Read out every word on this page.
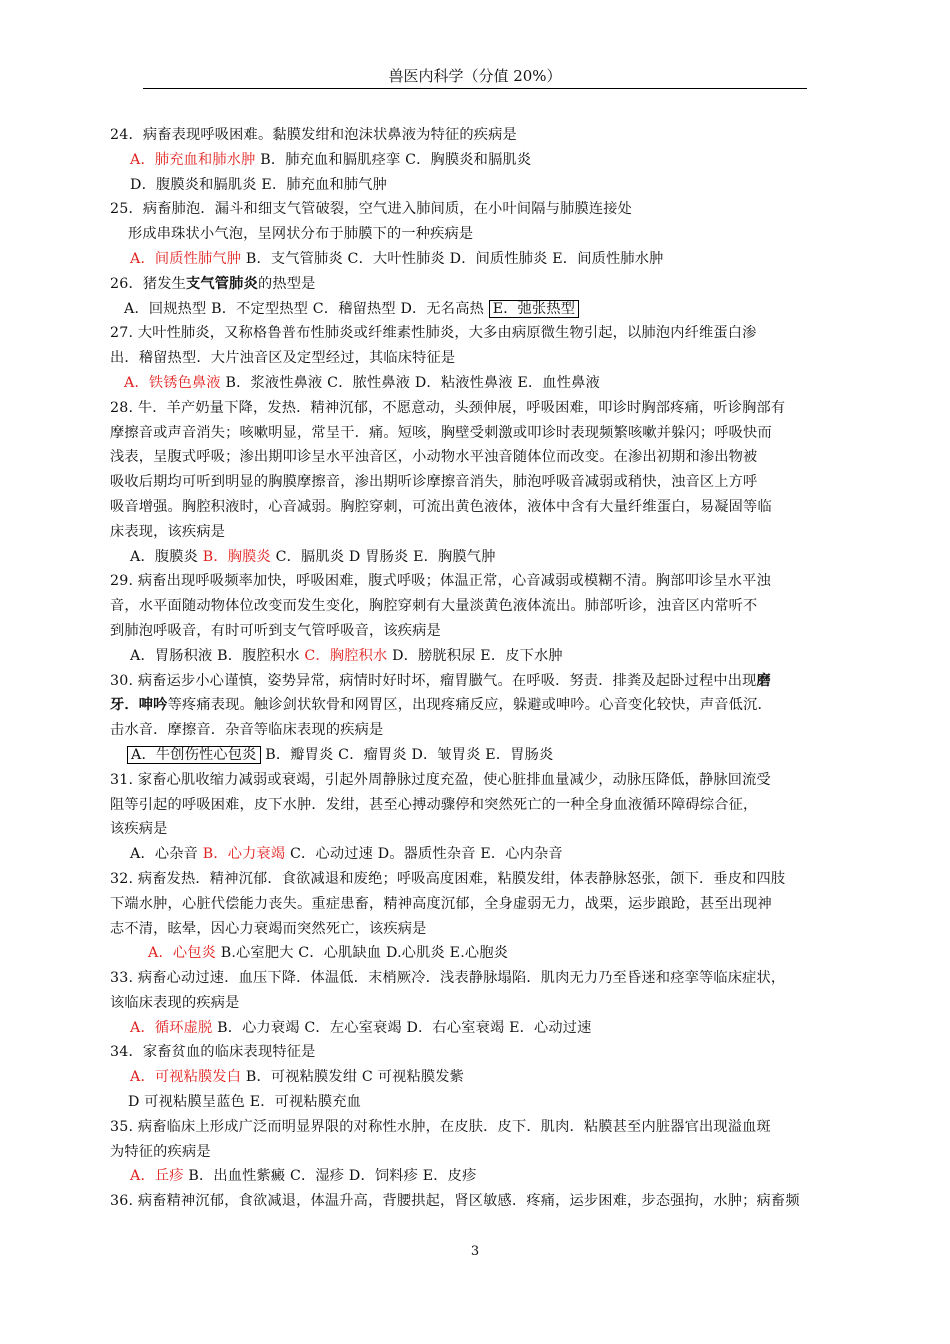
兽医内科学（分值 20%）
24．病畜表现呼吸困难。黏膜发绀和泡沫状鼻液为特征的疾病是
A．肺充血和肺水肿 B．肺充血和膈肌痉挛 C．胸膜炎和膈肌炎
D．腹膜炎和膈肌炎 E．肺充血和肺气肿
25．病畜肺泡．漏斗和细支气管破裂，空气进入肺间质，在小叶间隔与肺膜连接处
形成串珠状小气泡，呈网状分布于肺膜下的一种疾病是
A．间质性肺气肿 B．支气管肺炎 C．大叶性肺炎 D．间质性肺炎 E．间质性肺水肿
26．猪发生支气管肺炎的热型是
A．回规热型 B．不定型热型 C．稽留热型 D．无名高热 E．弛张热型
27. 大叶性肺炎，又称格鲁普布性肺炎或纤维素性肺炎，大多由病原微生物引起，以肺泡内纤维蛋白渗
出．稽留热型．大片浊音区及定型经过，其临床特征是
A．铁锈色鼻液 B．浆液性鼻液 C．脓性鼻液 D．粘液性鼻液 E．血性鼻液
28. 牛．羊产奶量下降，发热．精神沉郁，不愿意动，头颈伸展，呼吸困难，叩诊时胸部疼痛，听诊胸部有
摩擦音或声音消失；咳嗽明显，常呈干．痛。短咳，胸壁受刺激或叩诊时表现频繁咳嗽并躲闪；呼吸快而
浅表，呈腹式呼吸；渗出期叩诊呈水平浊音区，小动物水平浊音随体位而改变。在渗出初期和渗出物被
吸收后期均可听到明显的胸膜摩擦音，渗出期听诊摩擦音消失，肺泡呼吸音减弱或稍快，浊音区上方呼
吸音增强。胸腔积液时，心音减弱。胸腔穿刺，可流出黄色液体，液体中含有大量纤维蛋白，易凝固等临
床表现，该疾病是
A．腹膜炎 B．胸膜炎 C．膈肌炎 D 胃肠炎 E．胸膜气肿
29. 病畜出现呼吸频率加快，呼吸困难，腹式呼吸；体温正常，心音减弱或模糊不清。胸部叩诊呈水平浊
音，水平面随动物体位改变而发生变化，胸腔穿刺有大量淡黄色液体流出。肺部听诊，浊音区内常听不
到肺泡呼吸音，有时可听到支气管呼吸音，该疾病是
A．胃肠积液 B．腹腔积水 C．胸腔积水 D．膀胱积尿 E．皮下水肿
30. 病畜运步小心谨慎，姿势异常，病情时好时坏，瘤胃臌气。在呼吸．努责．排粪及起卧过程中出现磨
牙．呻吟等疼痛表现。触诊剑状软骨和网胃区，出现疼痛反应，躲避或呻吟。心音变化较快，声音低沉．
击水音．摩擦音．杂音等临床表现的疾病是
A．牛创伤性心包炎 B．瓣胃炎 C．瘤胃炎 D．皱胃炎 E．胃肠炎
31. 家畜心肌收缩力减弱或衰竭，引起外周静脉过度充盈，使心脏排血量减少，动脉压降低，静脉回流受
阻等引起的呼吸困难，皮下水肿．发绀，甚至心搏动骤停和突然死亡的一种全身血液循环障碍综合征，
该疾病是
A．心杂音 B．心力衰竭 C．心动过速 D。器质性杂音 E．心内杂音
32. 病畜发热．精神沉郁．食欲减退和废绝；呼吸高度困难，粘膜发绀，体表静脉怒张，颌下．垂皮和四肢
下端水肿，心脏代偿能力丧失。重症患畜，精神高度沉郁，全身虚弱无力，战栗，运步踉跄，甚至出现神
志不清，眩晕，因心力衰竭而突然死亡，该疾病是
A．心包炎 B.心室肥大 C．心肌缺血 D.心肌炎 E.心胞炎
33. 病畜心动过速．血压下降．体温低．末梢厥冷．浅表静脉塌陷．肌肉无力乃至昏迷和痉挛等临床症状，
该临床表现的疾病是
A．循环虚脱 B．心力衰竭 C．左心室衰竭 D．右心室衰竭 E．心动过速
34．家畜贫血的临床表现特征是
A．可视粘膜发白 B．可视粘膜发绀 C 可视粘膜发紫
D 可视粘膜呈蓝色 E．可视粘膜充血
35. 病畜临床上形成广泛而明显界限的对称性水肿，在皮肤．皮下．肌肉．粘膜甚至内脏器官出现溢血斑
为特征的疾病是
A．丘疹 B．出血性紫癜 C．湿疹 D．饲料疹 E．皮疹
36. 病畜精神沉郁，食欲减退，体温升高，背腰拱起，肾区敏感．疼痛，运步困难，步态强拘，水肿；病畜频
3
